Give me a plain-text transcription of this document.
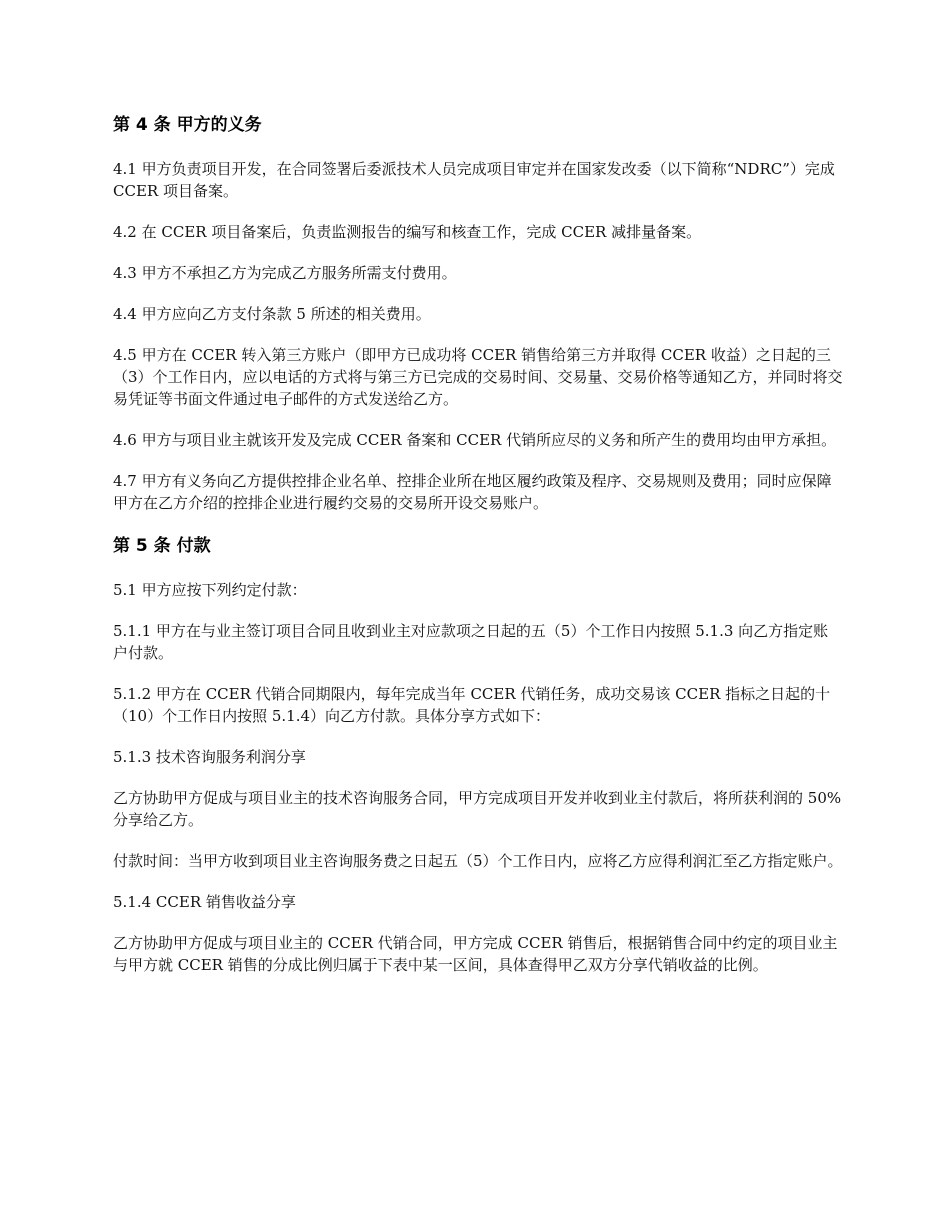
第 4 条 甲方的义务

4.1 甲方负责项目开发，在合同签署后委派技术人员完成项目审定并在国家发改委（以下简称“NDRC”）完成 CCER 项目备案。

4.2 在 CCER 项目备案后，负责监测报告的编写和核查工作，完成 CCER 减排量备案。

4.3 甲方不承担乙方为完成乙方服务所需支付费用。

4.4 甲方应向乙方支付条款 5 所述的相关费用。

4.5 甲方在 CCER 转入第三方账户（即甲方已成功将 CCER 销售给第三方并取得 CCER 收益）之日起的三（3）个工作日内，应以电话的方式将与第三方已完成的交易时间、交易量、交易价格等通知乙方，并同时将交易凭证等书面文件通过电子邮件的方式发送给乙方。

4.6 甲方与项目业主就该开发及完成 CCER 备案和 CCER 代销所应尽的义务和所产生的费用均由甲方承担。

4.7 甲方有义务向乙方提供控排企业名单、控排企业所在地区履约政策及程序、交易规则及费用；同时应保障甲方在乙方介绍的控排企业进行履约交易的交易所开设交易账户。

第 5 条 付款

5.1 甲方应按下列约定付款：

5.1.1 甲方在与业主签订项目合同且收到业主对应款项之日起的五（5）个工作日内按照 5.1.3 向乙方指定账户付款。

5.1.2 甲方在 CCER 代销合同期限内，每年完成当年 CCER 代销任务，成功交易该 CCER 指标之日起的十（10）个工作日内按照 5.1.4）向乙方付款。具体分享方式如下：

5.1.3 技术咨询服务利润分享

乙方协助甲方促成与项目业主的技术咨询服务合同，甲方完成项目开发并收到业主付款后，将所获利润的 50%分享给乙方。

付款时间：当甲方收到项目业主咨询服务费之日起五（5）个工作日内，应将乙方应得利润汇至乙方指定账户。

5.1.4 CCER 销售收益分享

乙方协助甲方促成与项目业主的 CCER 代销合同，甲方完成 CCER 销售后，根据销售合同中约定的项目业主与甲方就 CCER 销售的分成比例归属于下表中某一区间，具体查得甲乙双方分享代销收益的比例。
